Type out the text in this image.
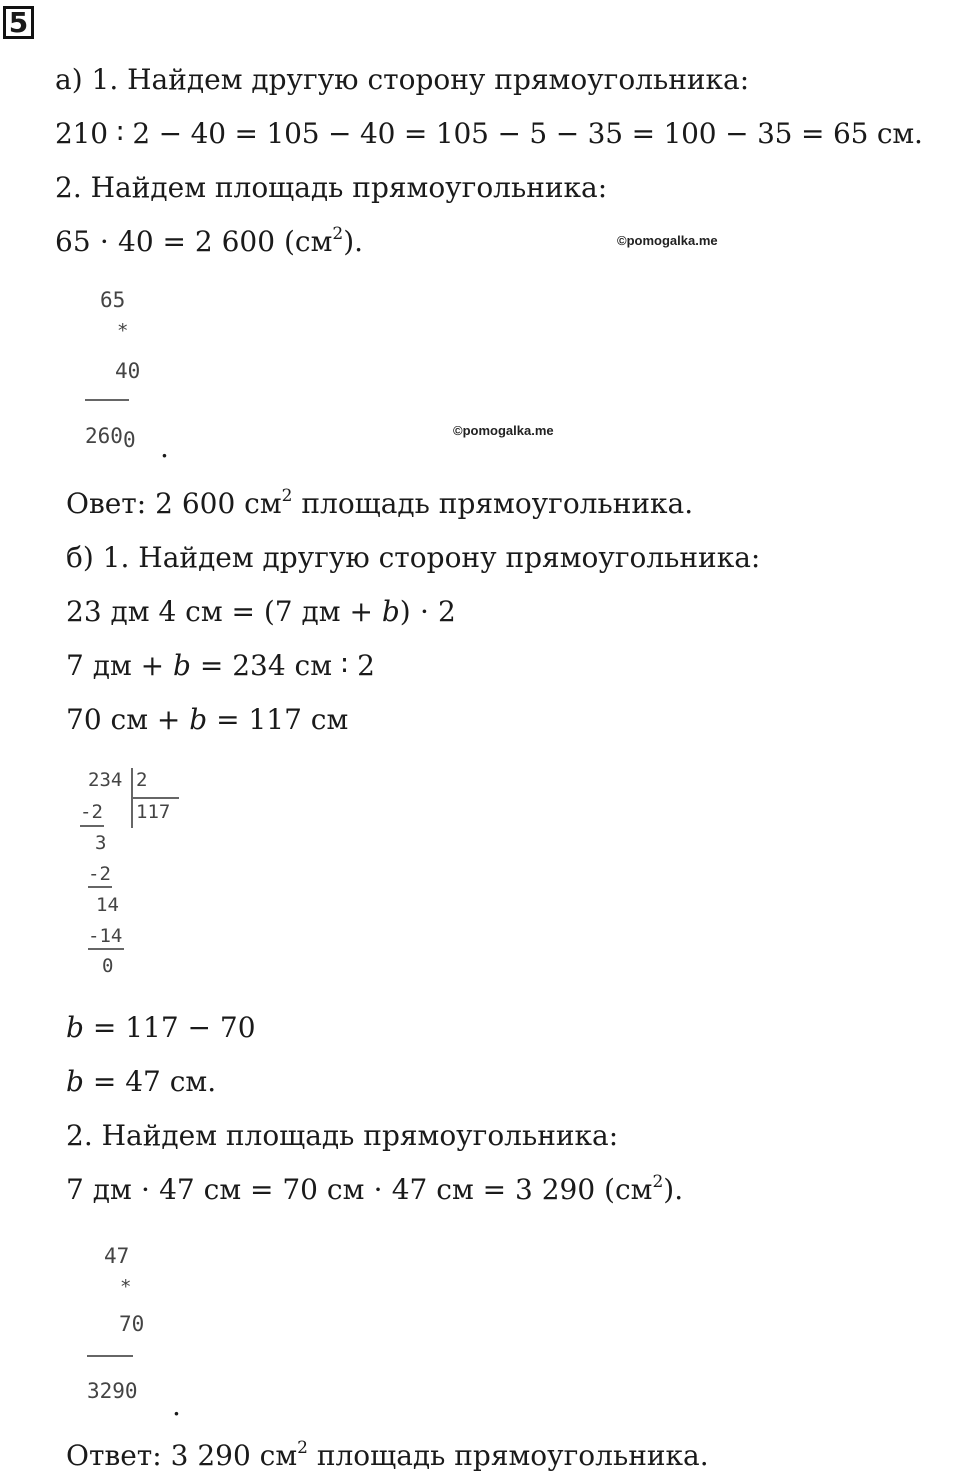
5
а) 1. Найдем другую сторону прямоугольника:
210 ∶ 2 − 40 = 105 − 40 = 105 − 5 − 35 = 100 − 35 = 65 см.
2. Найдем площадь прямоугольника:
65 ⋅ 40 = 2 600 $(см^2)$.	©pomogalka.me
65
*
40
2600 .
©pomogalka.me
Овет: 2 600 $см^2$ площадь прямоугольника.
б) 1. Найдем другую сторону прямоугольника:
23 дм 4 см = (7 дм + b) ⋅ 2
7 дм + b = 234 см ∶ 2
70 см + b = 117 см
234 2
117
-2
3
-2
14
-14
0
b = 117 − 70
b = 47 см.
2. Найдем площадь прямоугольника:
7 дм ⋅ 47 см = 70 см ⋅ 47 см = 3 290 $(см^2)$.
47
*
70
3290 .
Ответ: 3 290 $см^2$ площадь прямоугольника.
